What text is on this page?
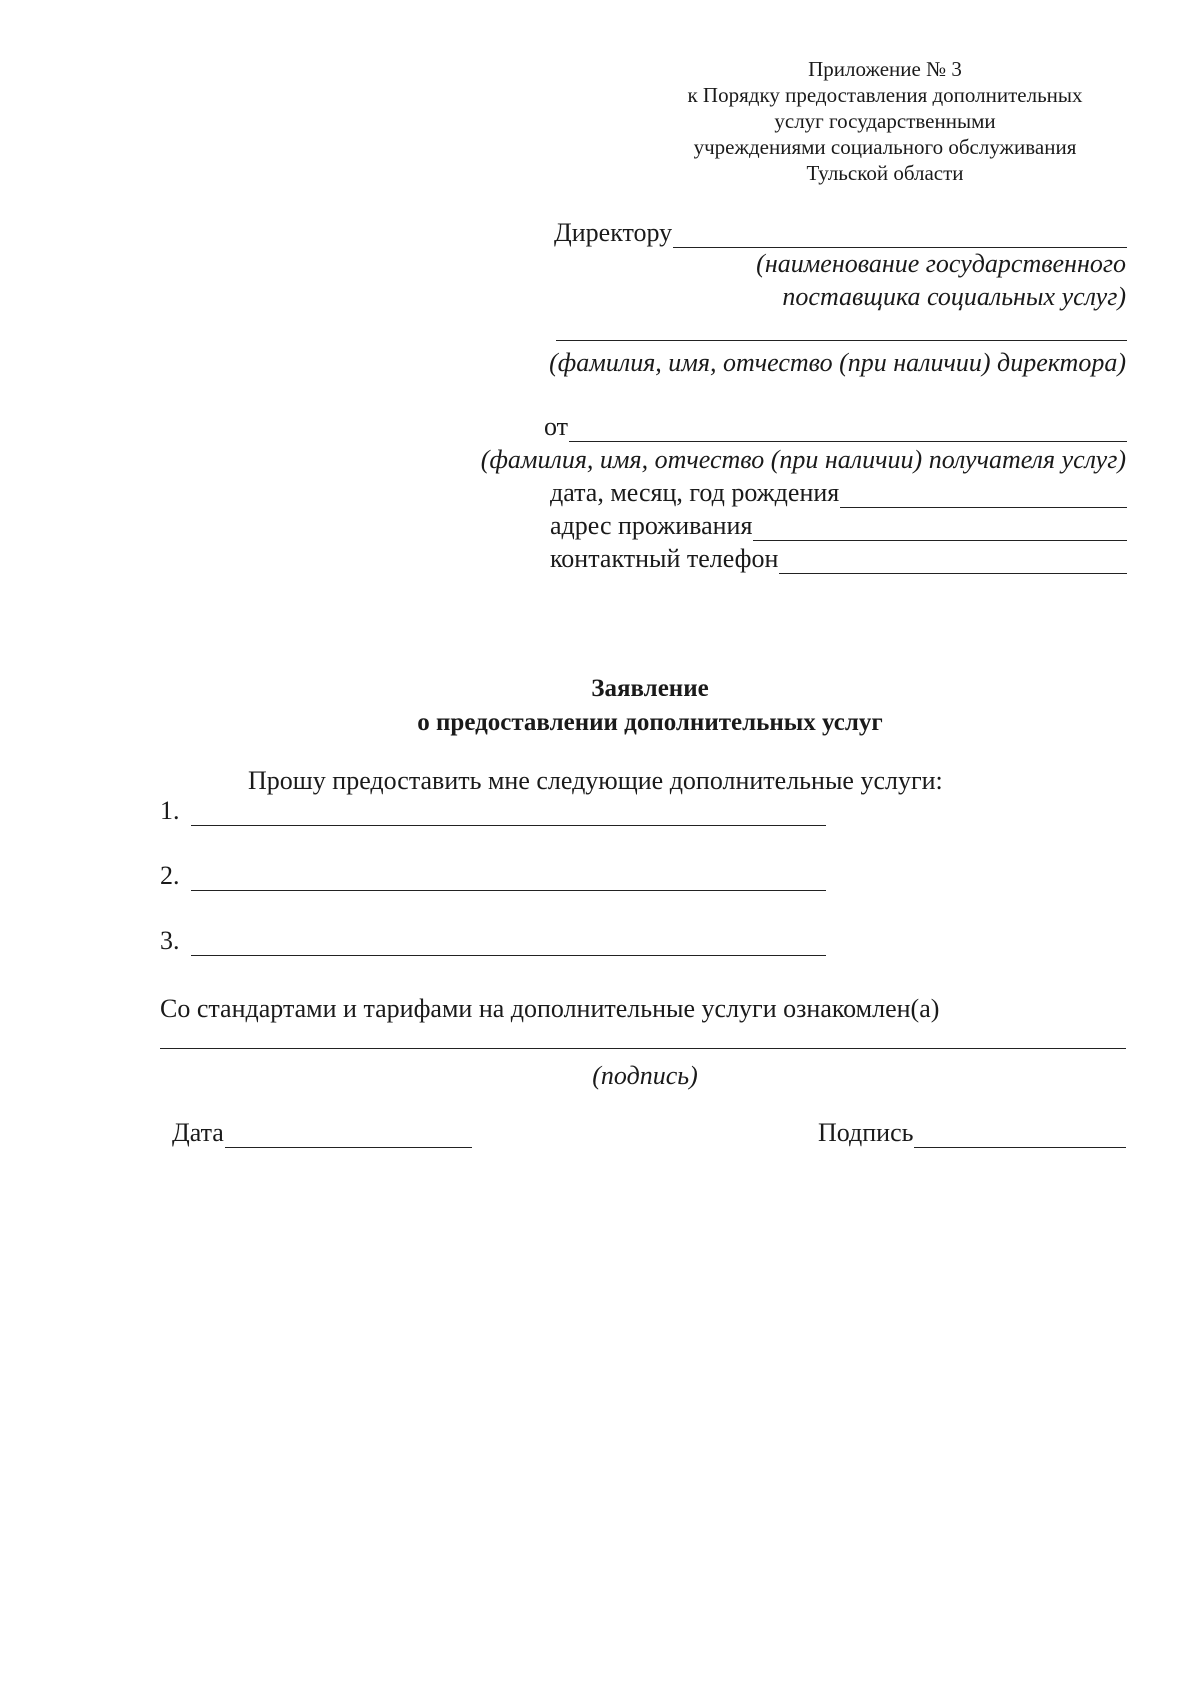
Приложение № 3
к Порядку предоставления дополнительных
услуг государственными
учреждениями социального обслуживания
Тульской области
Директору
(наименование государственного
поставщика социальных услуг)
(фамилия, имя, отчество (при наличии) директора)
от
(фамилия, имя, отчество (при наличии) получателя услуг)
дата, месяц, год рождения
адрес проживания
контактный телефон
Заявление
о предоставлении дополнительных услуг
Прошу предоставить мне следующие дополнительные услуги:
1.
2.
3.
Со стандартами и тарифами на дополнительные услуги ознакомлен(а)
(подпись)
Дата	Подпись
